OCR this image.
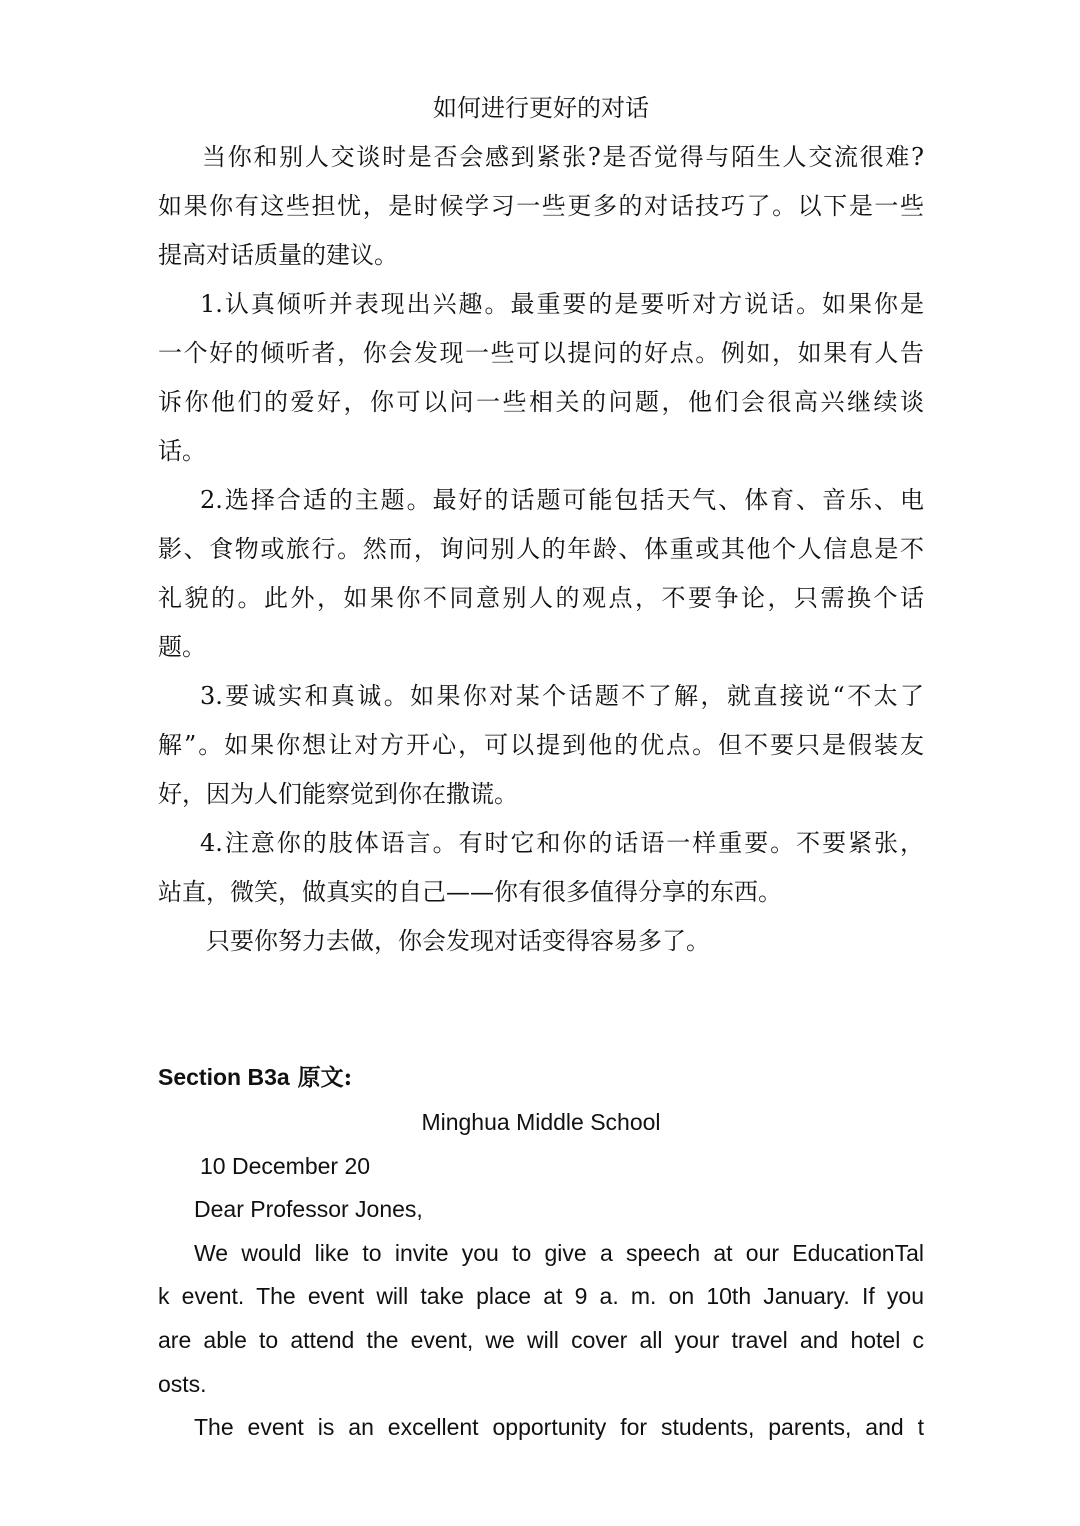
如何进行更好的对话
当你和别人交谈时是否会感到紧张?是否觉得与陌生人交流很难?
如果你有这些担忧，是时候学习一些更多的对话技巧了。以下是一些
提高对话质量的建议。
1.认真倾听并表现出兴趣。最重要的是要听对方说话。如果你是
一个好的倾听者，你会发现一些可以提问的好点。例如，如果有人告
诉你他们的爱好，你可以问一些相关的问题，他们会很高兴继续谈
话。
2.选择合适的主题。最好的话题可能包括天气、体育、音乐、电
影、食物或旅行。然而，询问别人的年龄、体重或其他个人信息是不
礼貌的。此外，如果你不同意别人的观点，不要争论，只需换个话
题。
3.要诚实和真诚。如果你对某个话题不了解，就直接说“不太了
解”。如果你想让对方开心，可以提到他的优点。但不要只是假装友
好，因为人们能察觉到你在撒谎。
4.注意你的肢体语言。有时它和你的话语一样重要。不要紧张，
站直，微笑，做真实的自己——你有很多值得分享的东西。
只要你努力去做，你会发现对话变得容易多了。
Section B3a 原文:
Minghua Middle School
10 December 20
Dear Professor Jones,
We would like to invite you to give a speech at our EducationTal
k event. The event will take place at 9 a. m. on 10th January. If you
are able to attend the event, we will cover all your travel and hotel c
osts.
The event is an excellent opportunity for students, parents, and t
